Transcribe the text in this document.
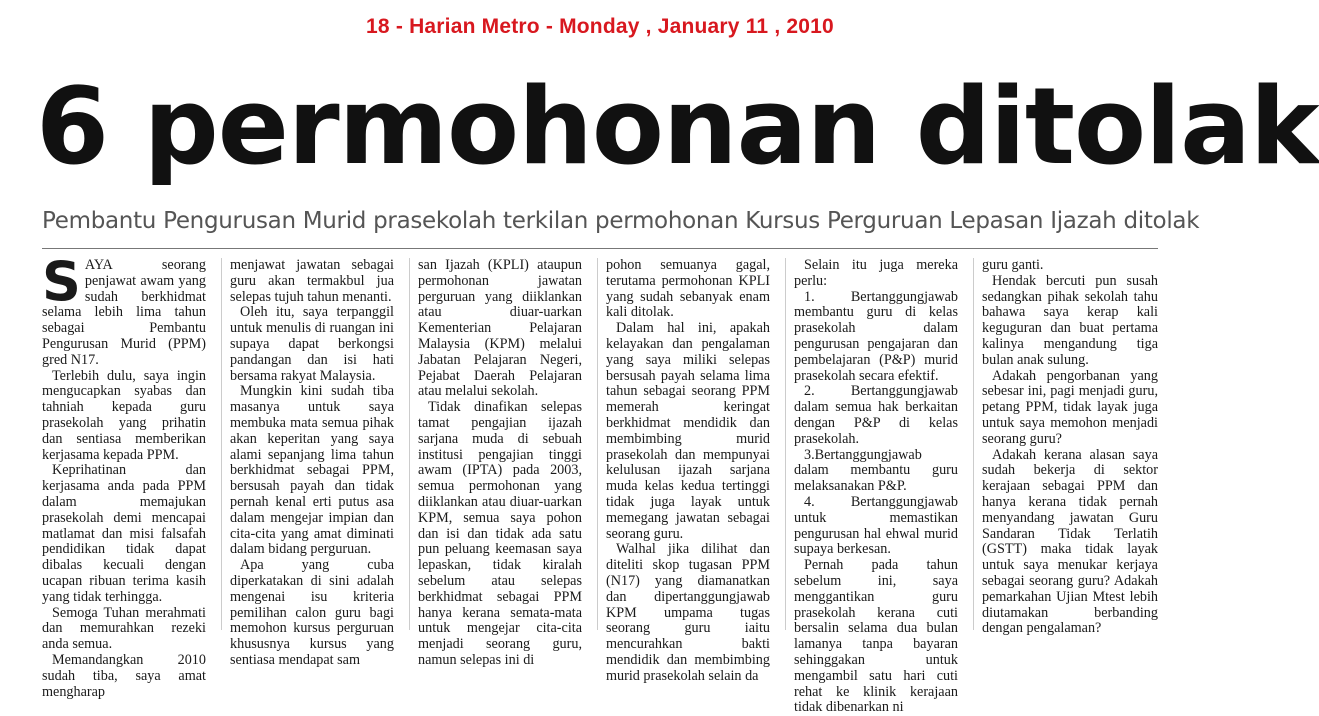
18 - Harian Metro - Monday , January 11 , 2010
6 permohonan ditolak
Pembantu Pengurusan Murid prasekolah terkilan permohonan Kursus Perguruan Lepasan Ijazah ditolak

SAYA seorang penjawat awam yang sudah berkhidmat selama lebih lima tahun sebagai Pembantu Pengurusan Murid (PPM) gred N17.

Terlebih dulu, saya ingin mengucapkan syabas dan tahniah kepada guru prasekolah yang prihatin dan sentiasa memberikan kerjasama kepada PPM.

Keprihatinan dan kerjasama anda pada PPM dalam memajukan prasekolah demi mencapai matlamat dan misi falsafah pendidikan tidak dapat dibalas kecuali dengan ucapan ribuan terima kasih yang tidak terhingga.

Semoga Tuhan merahmati dan memurahkan rezeki anda semua.

Memandangkan 2010 sudah tiba, saya amat mengharap

menjawat jawatan sebagai guru akan termakbul jua selepas tujuh tahun menanti.

Oleh itu, saya terpanggil untuk menulis di ruangan ini supaya dapat berkongsi pandangan dan isi hati bersama rakyat Malaysia.

Mungkin kini sudah tiba masanya untuk saya membuka mata semua pihak akan keperitan yang saya alami sepanjang lima tahun berkhidmat sebagai PPM, bersusah payah dan tidak pernah kenal erti putus asa dalam mengejar impian dan cita-cita yang amat diminati dalam bidang perguruan.

Apa yang cuba diperkatakan di sini adalah mengenai isu kriteria pemilihan calon guru bagi memohon kursus perguruan khususnya kursus yang sentiasa mendapat sam

san Ijazah (KPLI) ataupun permohonan jawatan perguruan yang diiklankan atau diuar-uarkan Kementerian Pelajaran Malaysia (KPM) melalui Jabatan Pelajaran Negeri, Pejabat Daerah Pelajaran atau melalui sekolah.

Tidak dinafikan selepas tamat pengajian ijazah sarjana muda di sebuah institusi pengajian tinggi awam (IPTA) pada 2003, semua permohonan yang diiklankan atau diuar-uarkan KPM, semua saya pohon dan isi dan tidak ada satu pun peluang keemasan saya lepaskan, tidak kiralah sebelum atau selepas berkhidmat sebagai PPM hanya kerana semata-mata untuk mengejar cita-cita menjadi seorang guru, namun selepas ini di

pohon semuanya gagal, terutama permohonan KPLI yang sudah sebanyak enam kali ditolak.

Dalam hal ini, apakah kelayakan dan pengalaman yang saya miliki selepas bersusah payah selama lima tahun sebagai seorang PPM memerah keringat berkhidmat mendidik dan membimbing murid prasekolah dan mempunyai kelulusan ijazah sarjana muda kelas kedua tertinggi tidak juga layak untuk memegang jawatan sebagai seorang guru.

Walhal jika dilihat dan diteliti skop tugasan PPM (N17) yang diamanatkan dan dipertanggungjawab KPM umpama tugas seorang guru iaitu mencurahkan bakti mendidik dan membimbing murid prasekolah selain da

Selain itu juga mereka perlu:

1. Bertanggungjawab membantu guru di kelas prasekolah dalam pengurusan pengajaran dan pembelajaran (P&P) murid prasekolah secara efektif.

2. Bertanggungjawab dalam semua hak berkaitan dengan P&P di kelas prasekolah.

3.Bertanggungjawab dalam membantu guru melaksanakan P&P.

4. Bertanggungjawab untuk memastikan pengurusan hal ehwal murid supaya berkesan.

Pernah pada tahun sebelum ini, saya menggantikan guru prasekolah kerana cuti bersalin selama dua bulan lamanya tanpa bayaran sehinggakan untuk mengambil satu hari cuti rehat ke klinik kerajaan tidak dibenarkan ni

guru ganti.

Hendak bercuti pun susah sedangkan pihak sekolah tahu bahawa saya kerap kali keguguran dan buat pertama kalinya mengandung tiga bulan anak sulung.

Adakah pengorbanan yang sebesar ini, pagi menjadi guru, petang PPM, tidak layak juga untuk saya memohon menjadi seorang guru?

Adakah kerana alasan saya sudah bekerja di sektor kerajaan sebagai PPM dan hanya kerana tidak pernah menyandang jawatan Guru Sandaran Tidak Terlatih (GSTT) maka tidak layak untuk saya menukar kerjaya sebagai seorang guru? Adakah pemarkahan Ujian Mtest lebih diutamakan berbanding dengan pengalaman?
